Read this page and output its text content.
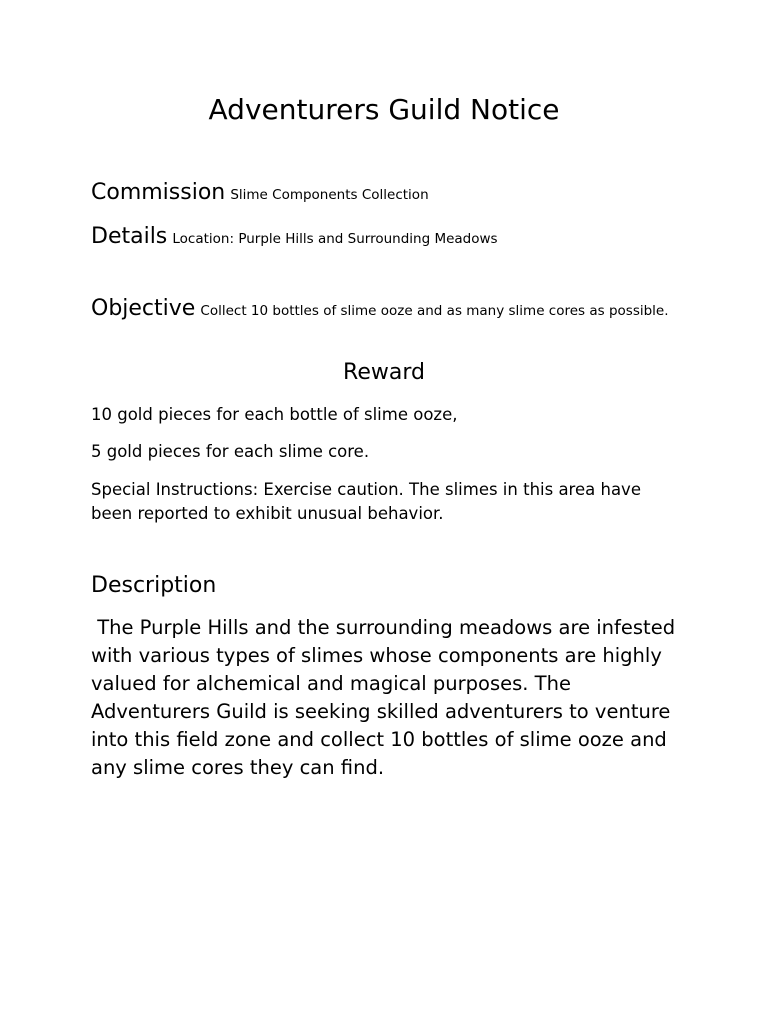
Adventurers Guild Notice

Commission Slime Components Collection

Details Location: Purple Hills and Surrounding Meadows

Objective Collect 10 bottles of slime ooze and as many slime cores as possible.

Reward

10 gold pieces for each bottle of slime ooze,

5 gold pieces for each slime core.

Special Instructions: Exercise caution. The slimes in this area have been reported to exhibit unusual behavior.

Description

The Purple Hills and the surrounding meadows are infested with various types of slimes whose components are highly valued for alchemical and magical purposes. The Adventurers Guild is seeking skilled adventurers to venture into this field zone and collect 10 bottles of slime ooze and any slime cores they can find.
